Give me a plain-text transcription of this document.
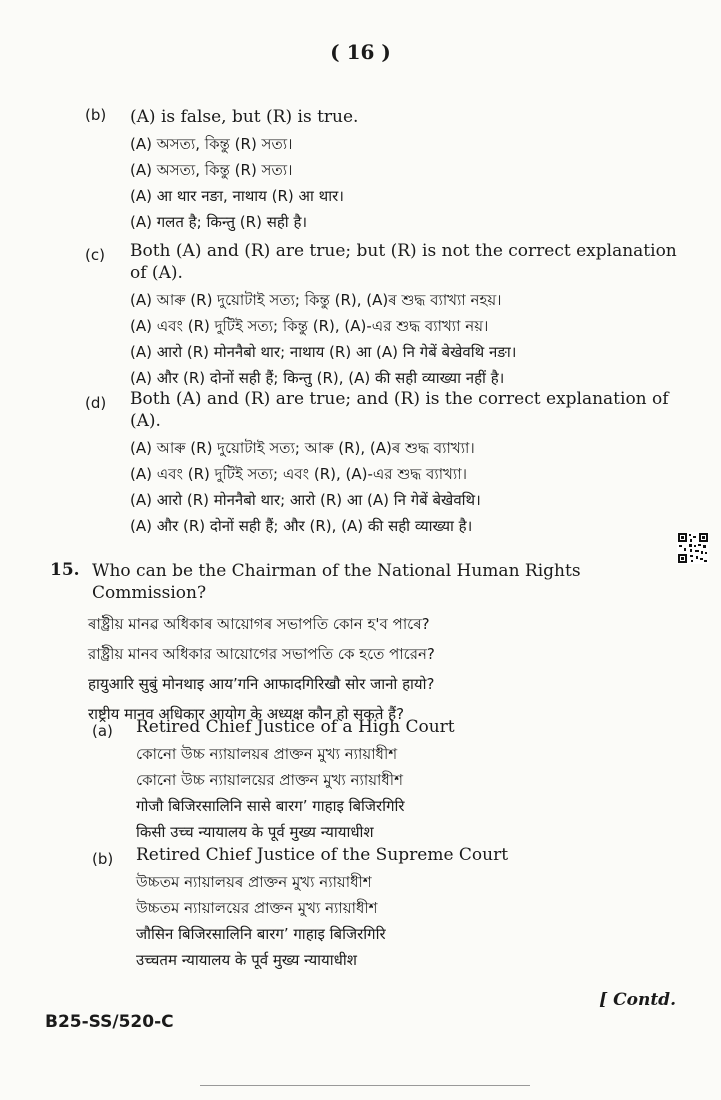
( 16 )
(b) (A) is false, but (R) is true.
(A) অসত্য, কিন্তু (R) সত্য।
(A) অসত্য, কিন্তু (R) সত্য।
(A) आ थार नङा, नाथाय (R) आ थार।
(A) गलत है; किन्तु (R) सही है।
(c) Both (A) and (R) are true; but (R) is not the correct explanation of (A).
(A) আৰু (R) দুয়োটাই সত্য; কিন্তু (R), (A)ৰ শুদ্ধ ব্যাখ্যা নহয়।
(A) এবং (R) দুটিই সত্য; কিন্তু (R), (A)-এর শুদ্ধ ব্যাখ্যা নয়।
(A) आरो (R) मोननैबो थार; नाथाय (R) आ (A) नि गेबें बेखेवथि नङा।
(A) और (R) दोनों सही हैं; किन्तु (R), (A) की सही व्याख्या नहीं है।
(d) Both (A) and (R) are true; and (R) is the correct explanation of (A).
(A) আৰু (R) দুয়োটাই সত্য; আৰু (R), (A)ৰ শুদ্ধ ব্যাখ্যা।
(A) এবং (R) দুটিই সত্য; এবং (R), (A)-এর শুদ্ধ ব্যাখ্যা।
(A) आरो (R) मोननैबो थार; आरो (R) आ (A) नि गेबें बेखेवथि।
(A) और (R) दोनों सही हैं; और (R), (A) की सही व्याख्या है।
15. Who can be the Chairman of the National Human Rights Commission?
ৰাষ্ট্ৰীয় মানৱ অধিকাৰ আয়োগৰ সভাপতি কোন হ'ব পাৰে?
রাষ্ট্রীয় মানব অধিকার আয়োগের সভাপতি কে হতে পারেন?
हायुआरि सुबुं मोनथाइ आयʼगनि आफादगिरिखौ सोर जानो हायो?
राष्ट्रीय मानव अधिकार आयोग के अध्यक्ष कौन हो सकते हैं?
(a) Retired Chief Justice of a High Court
কোনো উচ্চ ন্যায়ালয়ৰ প্ৰাক্তন মুখ্য ন্যায়াধীশ
কোনো উচ্চ ন্যায়ালয়ের প্রাক্তন মুখ্য ন্যায়াধীশ
गोजौ बिजिरसालिनि सासे बारगʼ गाहाइ बिजिरगिरि
किसी उच्च न्यायालय के पूर्व मुख्य न्यायाधीश
(b) Retired Chief Justice of the Supreme Court
উচ্চতম ন্যায়ালয়ৰ প্ৰাক্তন মুখ্য ন্যায়াধীশ
উচ্চতম ন্যায়ালয়ের প্রাক্তন মুখ্য ন্যায়াধীশ
जौसिन बिजिरसालिनि बारगʼ गाहाइ बिजिरगिरि
उच्चतम न्यायालय के पूर्व मुख्य न्यायाधीश
[ Contd.
B25-SS/520-C
